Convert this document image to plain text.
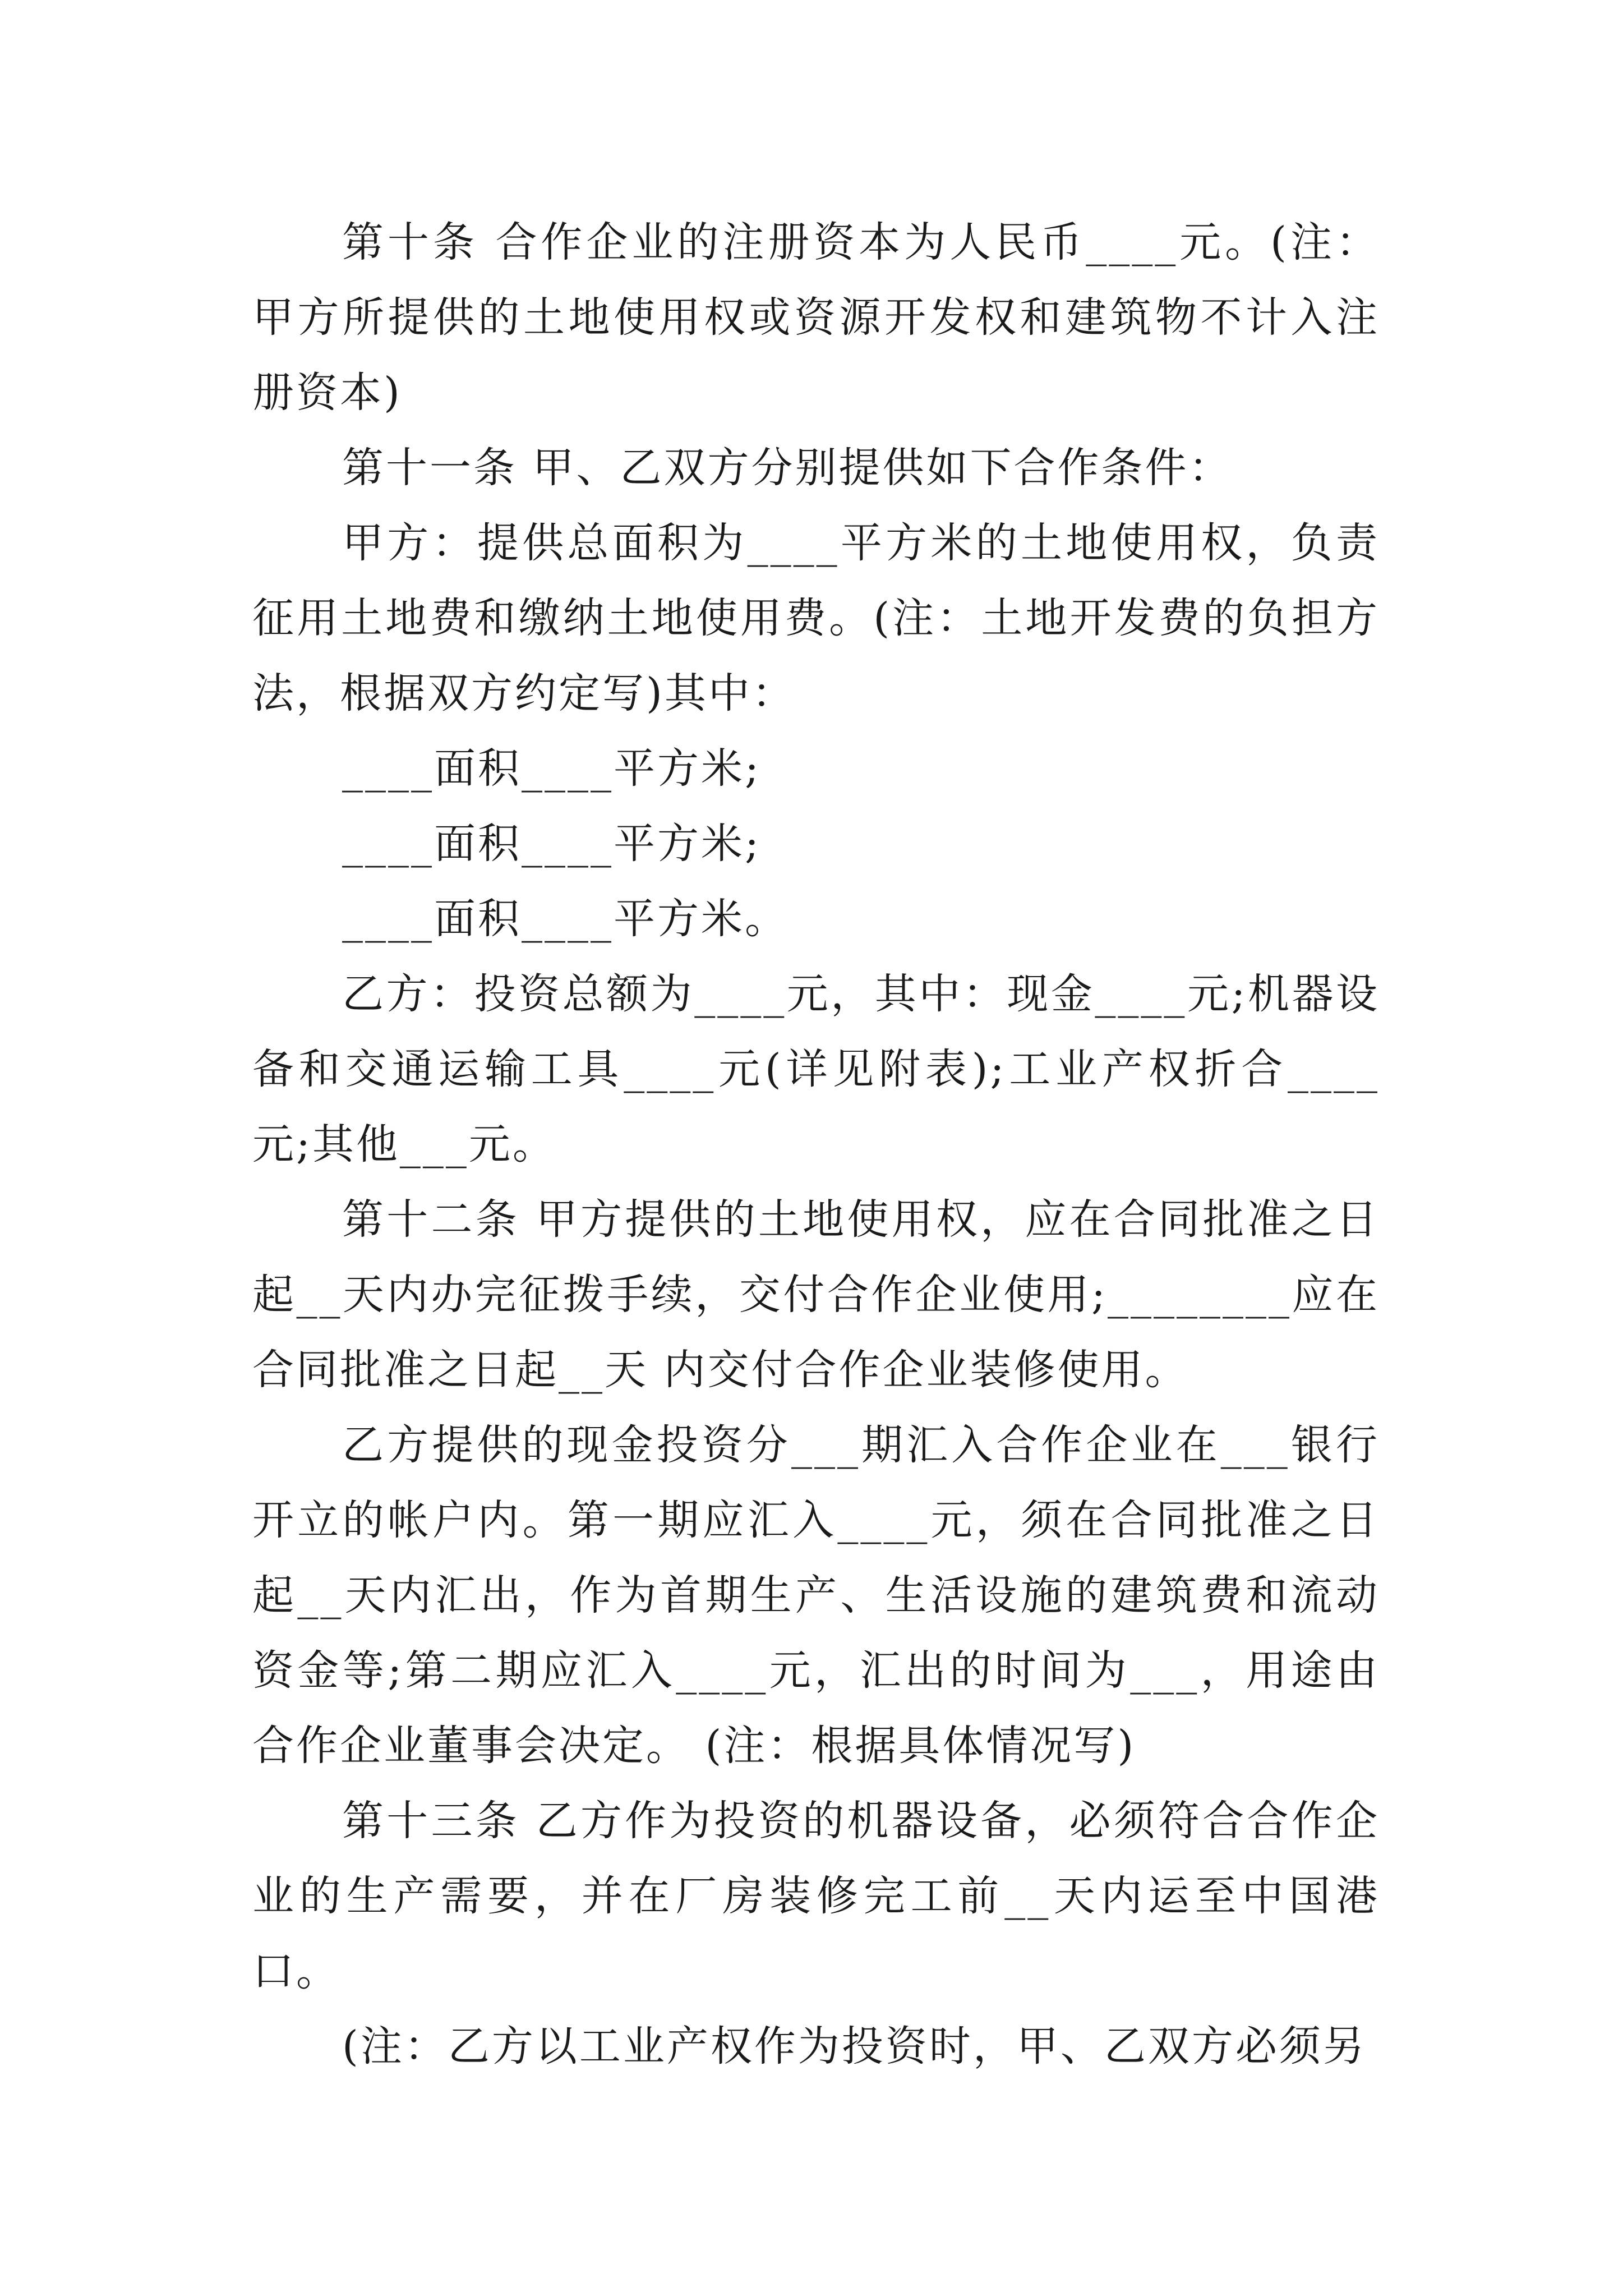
第十条 合作企业的注册资本为人民币____元。(注：甲方所提供的土地使用权或资源开发权和建筑物不计入注册资本)

第十一条 甲、乙双方分别提供如下合作条件：

甲方：提供总面积为____平方米的土地使用权，负责征用土地费和缴纳土地使用费。(注：土地开发费的负担方法，根据双方约定写)其中：

____面积____平方米;

____面积____平方米;

____面积____平方米。

乙方：投资总额为____元，其中：现金____元;机器设备和交通运输工具____元(详见附表);工业产权折合____元;其他___元。

第十二条 甲方提供的土地使用权，应在合同批准之日起__天内办完征拨手续，交付合作企业使用;________应在合同批准之日起__天 内交付合作企业装修使用。

乙方提供的现金投资分___期汇入合作企业在___银行开立的帐户内。第一期应汇入____元，须在合同批准之日起__天内汇出，作为首期生产、生活设施的建筑费和流动资金等;第二期应汇入____元，汇出的时间为___，用途由合作企业董事会决定。 (注：根据具体情况写)

第十三条 乙方作为投资的机器设备，必须符合合作企业的生产需要，并在厂房装修完工前__天内运至中国港口。

(注：乙方以工业产权作为投资时，甲、乙双方必须另
